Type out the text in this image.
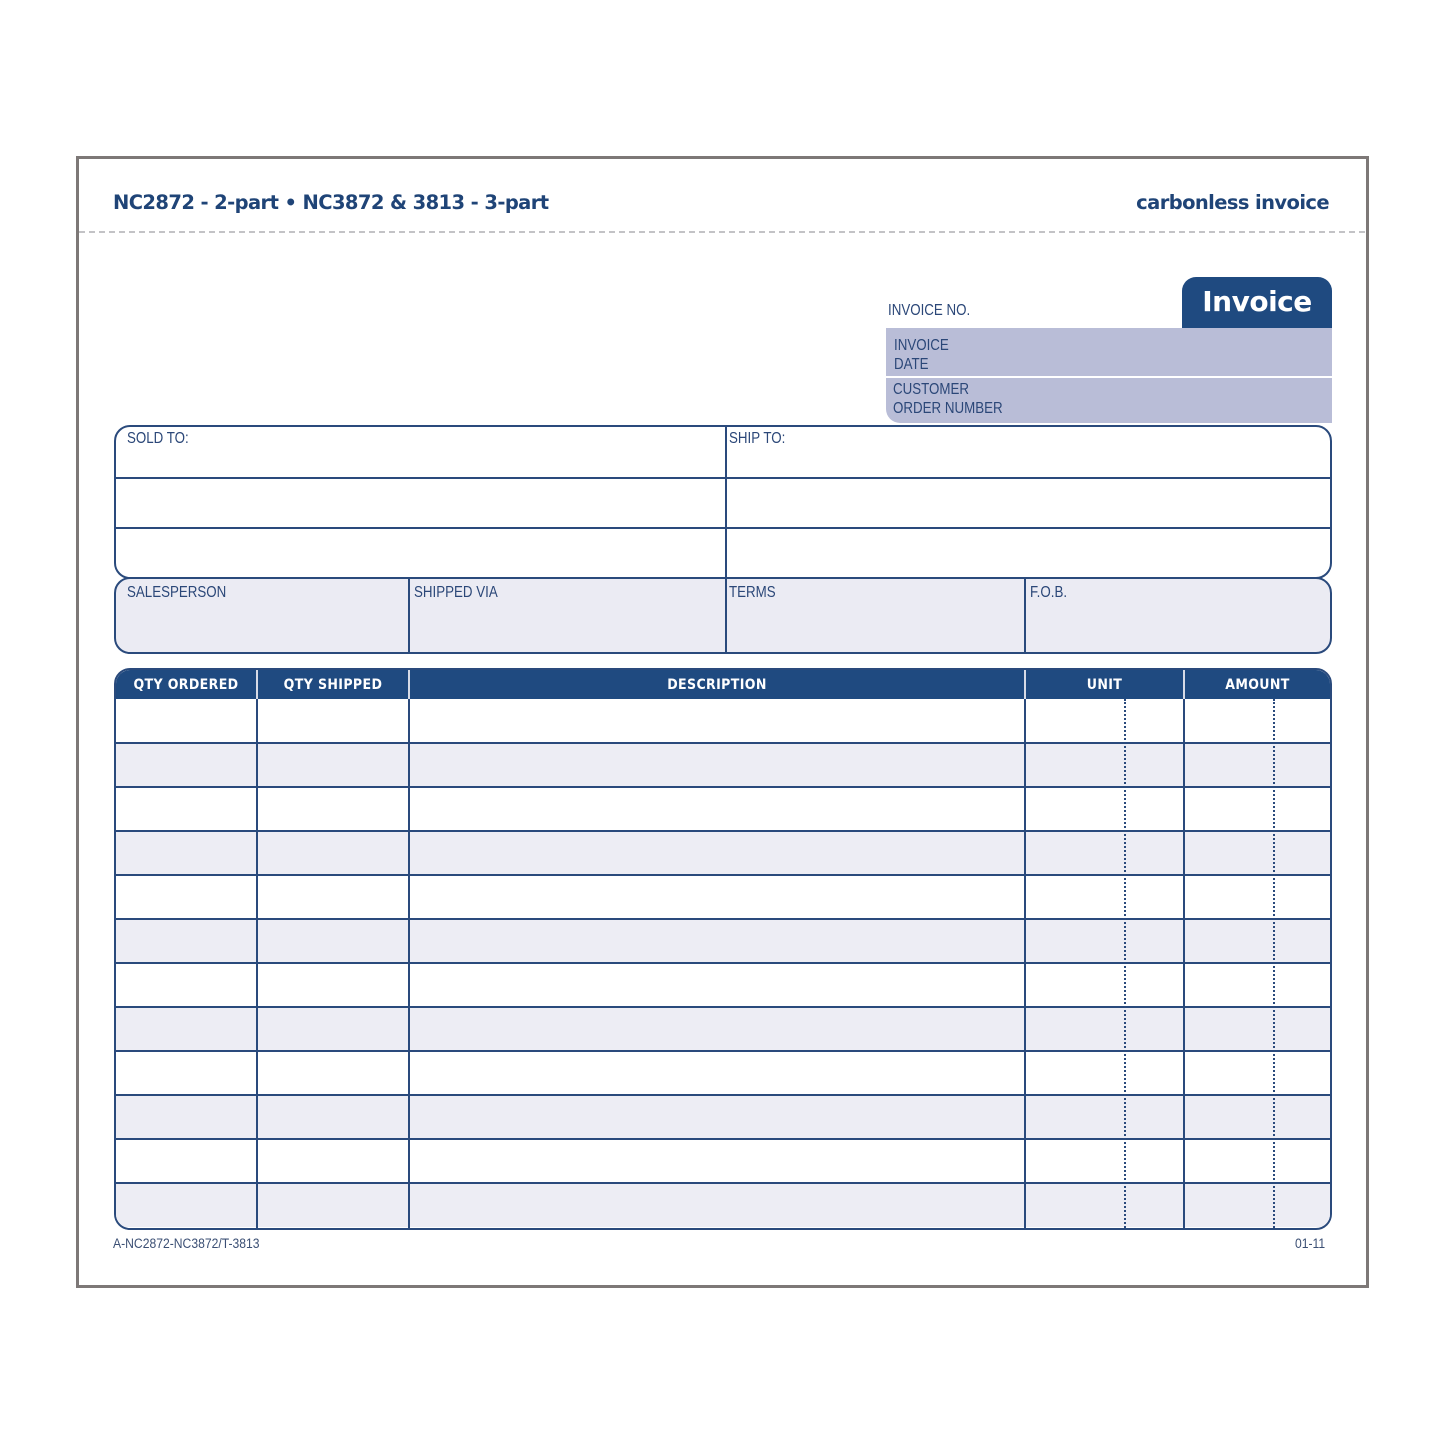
NC2872 - 2-part • NC3872 & 3813 - 3-part	carbonless invoice
Invoice
INVOICE NO.
INVOICE
DATE
CUSTOMER
ORDER NUMBER
SOLD TO:	SHIP TO:
SALESPERSON	SHIPPED VIA	TERMS	F.O.B.
QTY ORDERED	QTY SHIPPED	DESCRIPTION	UNIT	AMOUNT
A-NC2872-NC3872/T-3813	01-11
